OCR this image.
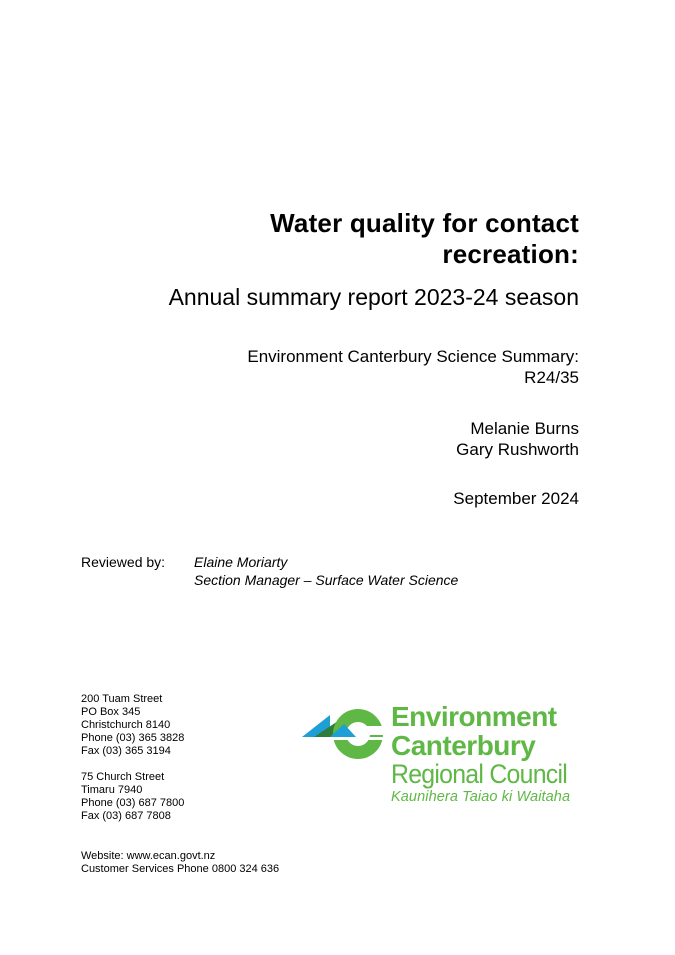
Water quality for contact
recreation:
Annual summary report 2023-24 season
Environment Canterbury Science Summary:
R24/35
Melanie Burns
Gary Rushworth
September 2024
Reviewed by: Elaine Moriarty
Section Manager – Surface Water Science
200 Tuam Street
PO Box 345
Christchurch 8140
Phone (03) 365 3828
Fax (03) 365 3194
75 Church Street
Timaru 7940
Phone (03) 687 7800
Fax (03) 687 7808
Website: www.ecan.govt.nz
Customer Services Phone 0800 324 636
Environment
Canterbury
Regional Council
Kaunihera Taiao ki Waitaha
